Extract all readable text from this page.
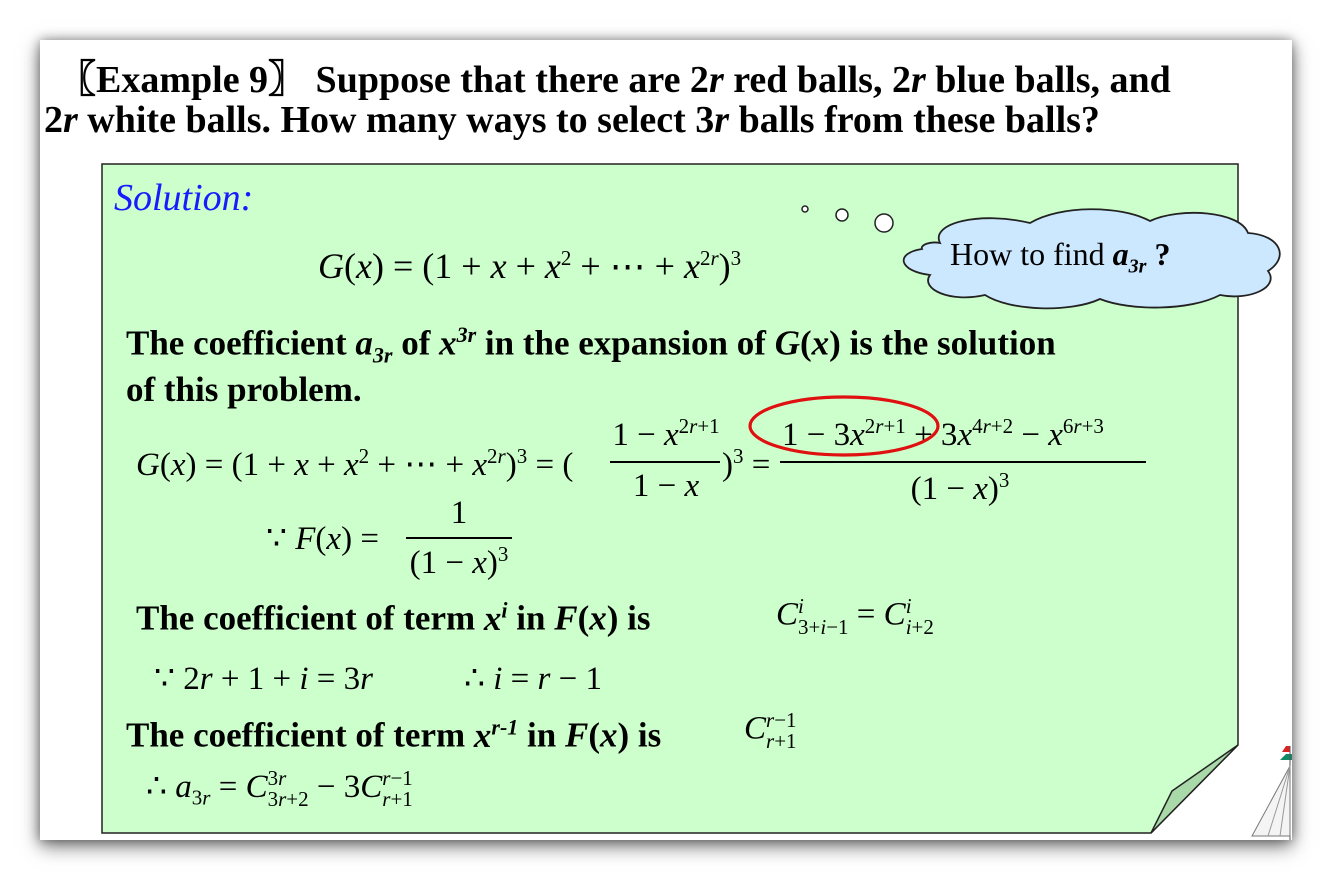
〖Example 9〗 Suppose that there are 2r red balls, 2r blue balls, and
2r white balls. How many ways to select 3r balls from these balls?
Solution:
$G(x) = (1 + x + x^2$ + ⋯ + $x^{2r})^3$	How to find $a_{3r}$ ?
The coefficient $a_{3r}$ of $x^{3r}$ in the expansion of G(x) is the solution
of this problem.
$G(x) = (1 + x + x^2$ + ⋯ + $x^{2r})^3$ = (
$1 - x^{2r+1}$
1 − x
)$^3$ =
$1 - 3x^{2r+1} + 3x^{4r+2} - x^{6r+3}$
$(1 - x)^3$
∵ F(x) =
1
$(1 - x)^3$
The coefficient of term $x^i$ in F(x) is	C i
3+i−1 = C i
i+2
∵ 2r + 1 + i = 3r	∴ i = r − 1
The coefficient of term $x^{r-1}$ in F(x) is	C r−1
r+1
∴ $a_{3r} = C$ 3r
3r+2 − 3C r−1
r+1
